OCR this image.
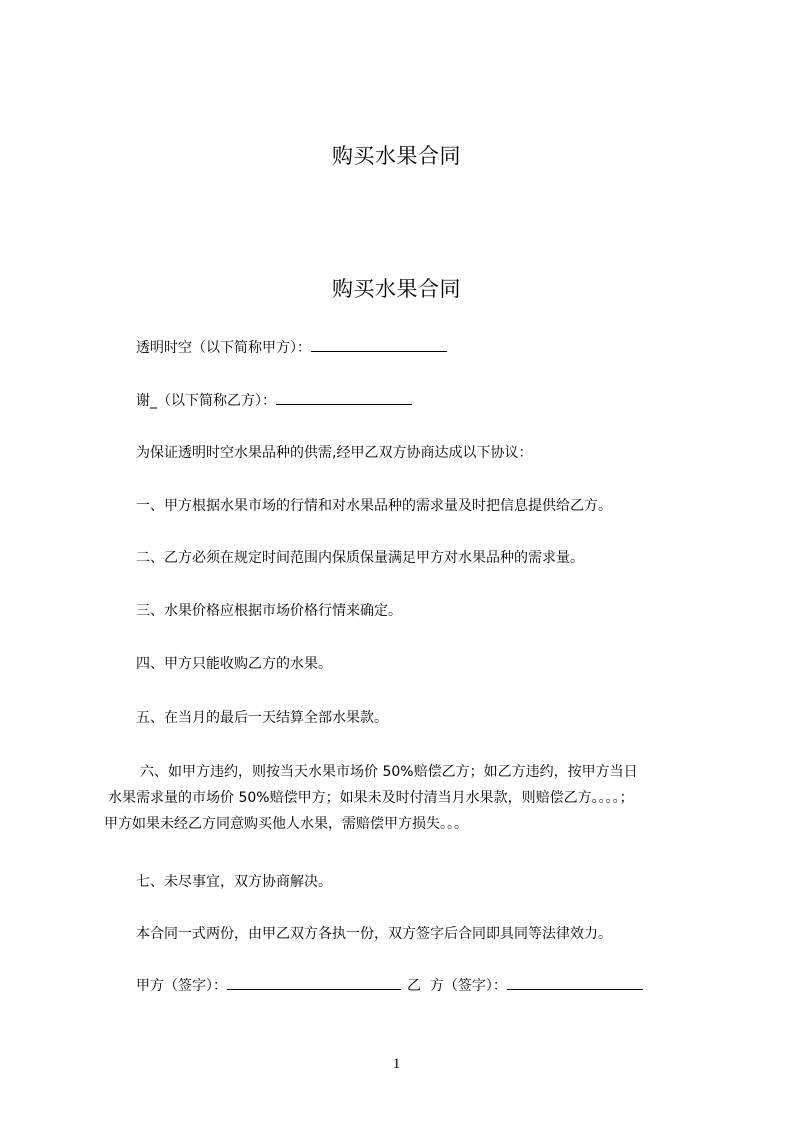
购买水果合同
购买水果合同
透明时空（以下简称甲方）：
谢_（以下简称乙方）：
为保证透明时空水果品种的供需,经甲乙双方协商达成以下协议：
一、甲方根据水果市场的行情和对水果品种的需求量及时把信息提供给乙方。
二、乙方必须在规定时间范围内保质保量满足甲方对水果品种的需求量。
三、水果价格应根据市场价格行情来确定。
四、甲方只能收购乙方的水果。
五、在当月的最后一天结算全部水果款。
六、如甲方违约，则按当天水果市场价 50%赔偿乙方；如乙方违约，按甲方当日
水果需求量的市场价 50%赔偿甲方；如果未及时付清当月水果款，则赔偿乙方。。。。；
甲方如果未经乙方同意购买他人水果，需赔偿甲方损失。。。
七、未尽事宜，双方协商解决。
本合同一式两份，由甲乙双方各执一份，双方签字后合同即具同等法律效力。
甲方（签字）：	乙  方（签字）：
1
